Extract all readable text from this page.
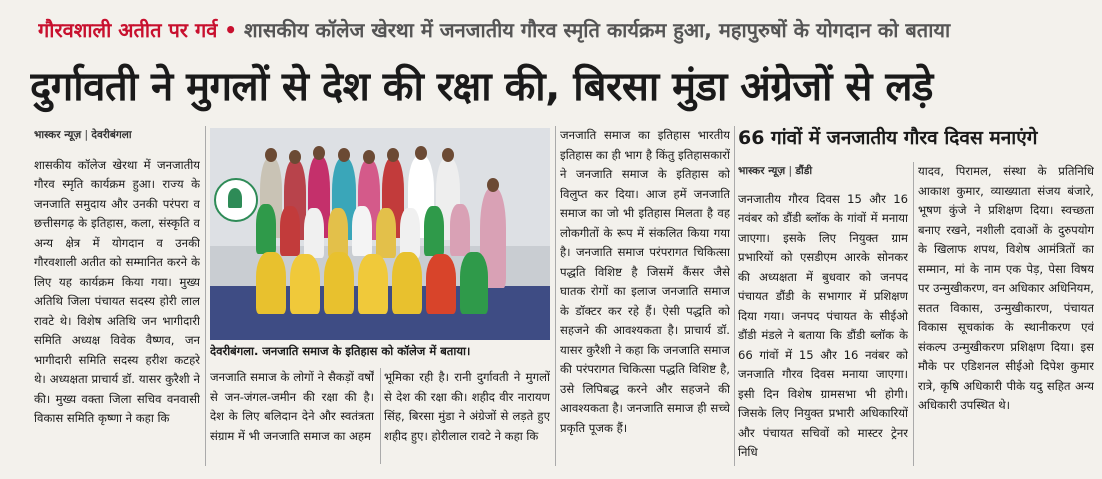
गौरवशाली अतीत पर गर्व • शासकीय कॉलेज खेरथा में जनजातीय गौरव स्मृति कार्यक्रम हुआ, महापुरुषों के योगदान को बताया
दुर्गावती ने मुगलों से देश की रक्षा की, बिरसा मुंडा अंग्रेजों से लड़े
भास्कर न्यूज़ | देवरीबंगला
शासकीय कॉलेज खेरथा में जनजातीय गौरव स्मृति कार्यक्रम हुआ। राज्य के जनजाति समुदाय और उनकी परंपरा व छत्तीसगढ़ के इतिहास, कला, संस्कृति व अन्य क्षेत्र में योगदान व उनकी गौरवशाली अतीत को सम्मानित करने के लिए यह कार्यक्रम किया गया। मुख्य अतिथि जिला पंचायत सदस्य होरी लाल रावटे थे। विशेष अतिथि जन भागीदारी समिति अध्यक्ष विवेक वैष्णव, जन भागीदारी समिति सदस्य हरीश कटहरे थे। अध्यक्षता प्राचार्य डॉ. यासर कुरैशी ने की। मुख्य वक्ता जिला सचिव वनवासी विकास समिति कृष्णा ने कहा कि
देवरीबंगला. जनजाति समाज के इतिहास को कॉलेज में बताया।
जनजाति समाज के लोगों ने सैकड़ों वर्षों से जन-जंगल-जमीन की रक्षा की है। देश के लिए बलिदान देने और स्वतंत्रता संग्राम में भी जनजाति समाज का अहम
भूमिका रही है। रानी दुर्गावती ने मुगलों से देश की रक्षा की। शहीद वीर नारायण सिंह, बिरसा मुंडा ने अंग्रेजों से लड़ते हुए शहीद हुए। होरीलाल रावटे ने कहा कि
जनजाति समाज का इतिहास भारतीय इतिहास का ही भाग है किंतु इतिहासकारों ने जनजाति समाज के इतिहास को विलुप्त कर दिया। आज हमें जनजाति समाज का जो भी इतिहास मिलता है वह लोकगीतों के रूप में संकलित किया गया है। जनजाति समाज परंपरागत चिकित्सा पद्धति विशिष्ट है जिसमें कैंसर जैसे घातक रोगों का इलाज जनजाति समाज के डॉक्टर कर रहे हैं। ऐसी पद्धति को सहजने की आवश्यकता है। प्राचार्य डॉ. यासर कुरैशी ने कहा कि जनजाति समाज की परंपरागत चिकित्सा पद्धति विशिष्ट है, उसे लिपिबद्ध करने और सहजने की आवश्यकता है। जनजाति समाज ही सच्चे प्रकृति पूजक हैं।
66 गांवों में जनजातीय गौरव दिवस मनाएंगे
भास्कर न्यूज़ | डौंडी
जनजातीय गौरव दिवस 15 और 16 नवंबर को डौंडी ब्लॉक के गांवों में मनाया जाएगा। इसके लिए नियुक्त ग्राम प्रभारियों को एसडीएम आरके सोनकर की अध्यक्षता में बुधवार को जनपद पंचायत डौंडी के सभागार में प्रशिक्षण दिया गया। जनपद पंचायत के सीईओ डौंडी मंडले ने बताया कि डौंडी ब्लॉक के 66 गांवों में 15 और 16 नवंबर को जनजाति गौरव दिवस मनाया जाएगा। इसी दिन विशेष ग्रामसभा भी होगी। जिसके लिए नियुक्त प्रभारी अधिकारियों और पंचायत सचिवों को मास्टर ट्रेनर निधि
यादव, पिरामल, संस्था के प्रतिनिधि आकाश कुमार, व्याख्याता संजय बंजारे, भूषण कुंजे ने प्रशिक्षण दिया। स्वच्छता बनाए रखने, नशीली दवाओं के दुरुपयोग के खिलाफ शपथ, विशेष आमंत्रितों का सम्मान, मां के नाम एक पेड़, पेसा विषय पर उन्मुखीकरण, वन अधिकार अधिनियम, सतत विकास, उन्मुखीकारण, पंचायत विकास सूचकांक के स्थानीकरण एवं संकल्प उन्मुखीकरण प्रशिक्षण दिया। इस मौके पर एडिशनल सीईओ दिपेश कुमार रात्रे, कृषि अधिकारी पीके यदु सहित अन्य अधिकारी उपस्थित थे।
